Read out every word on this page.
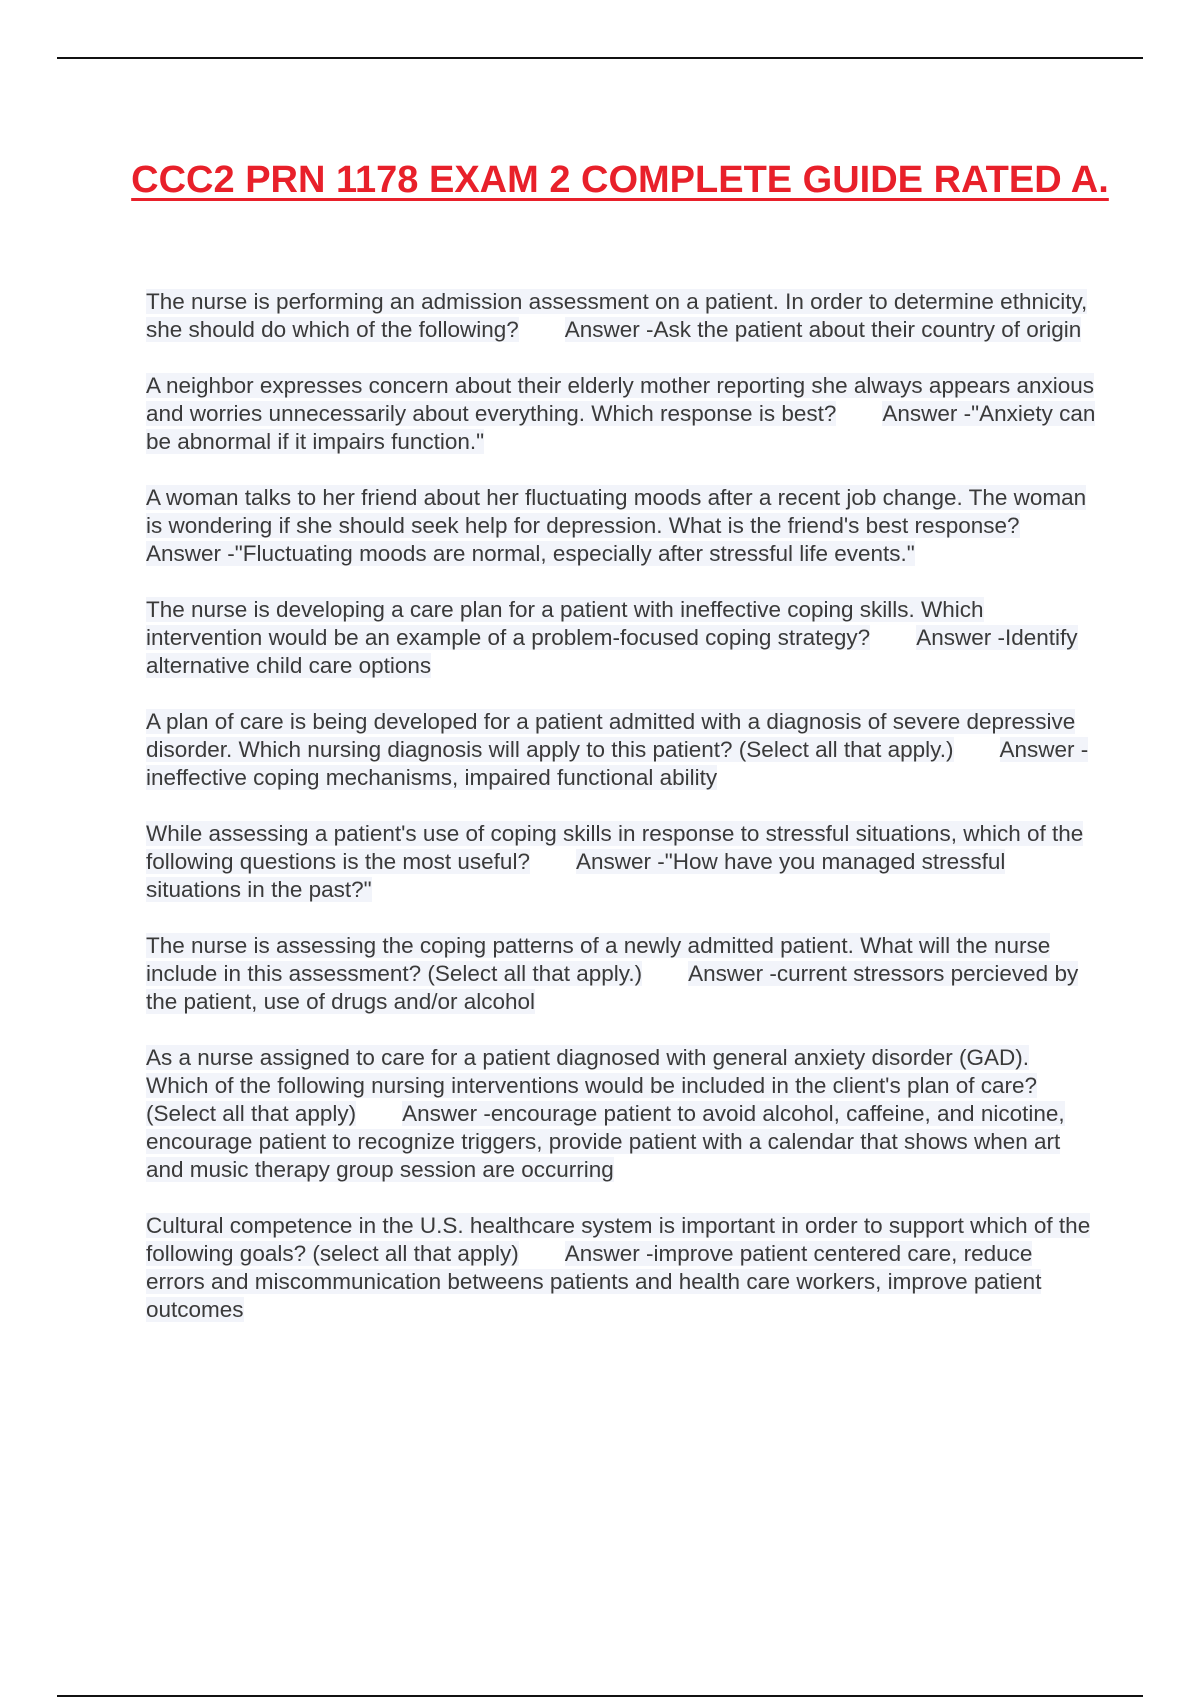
CCC2 PRN 1178 EXAM 2 COMPLETE GUIDE RATED A.

The nurse is performing an admission assessment on a patient. In order to determine ethnicity, she should do which of the following? Answer -Ask the patient about their country of origin

A neighbor expresses concern about their elderly mother reporting she always appears anxious and worries unnecessarily about everything. Which response is best? Answer -"Anxiety can be abnormal if it impairs function."

A woman talks to her friend about her fluctuating moods after a recent job change. The woman is wondering if she should seek help for depression. What is the friend's best response?Answer -"Fluctuating moods are normal, especially after stressful life events."

The nurse is developing a care plan for a patient with ineffective coping skills. Which intervention would be an example of a problem-focused coping strategy? Answer -Identify alternative child care options

A plan of care is being developed for a patient admitted with a diagnosis of severe depressive disorder. Which nursing diagnosis will apply to this patient? (Select all that apply.) Answer -ineffective coping mechanisms, impaired functional ability

While assessing a patient's use of coping skills in response to stressful situations, which of the following questions is the most useful? Answer -"How have you managed stressful situations in the past?"

The nurse is assessing the coping patterns of a newly admitted patient. What will the nurse include in this assessment? (Select all that apply.) Answer -current stressors percieved by the patient, use of drugs and/or alcohol

As a nurse assigned to care for a patient diagnosed with general anxiety disorder (GAD). Which of the following nursing interventions would be included in the client's plan of care? (Select all that apply) Answer -encourage patient to avoid alcohol, caffeine, and nicotine, encourage patient to recognize triggers, provide patient with a calendar that shows when art and music therapy group session are occurring

Cultural competence in the U.S. healthcare system is important in order to support which of the following goals? (select all that apply) Answer -improve patient centered care, reduce errors and miscommunication betweens patients and health care workers, improve patient outcomes
